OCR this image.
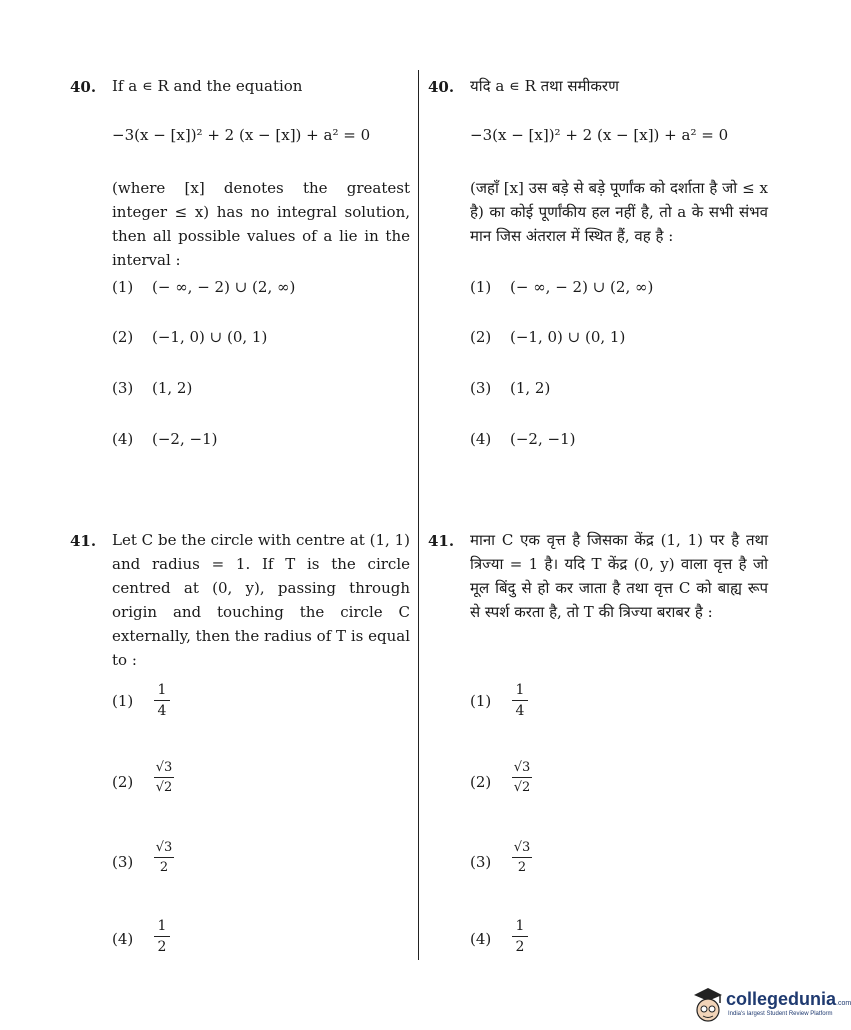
40. If a ∊ R and the equation
−3(x − [x])² + 2 (x − [x]) + a² = 0
(where [x] denotes the greatest integer ≤ x) has no integral solution, then all possible values of a lie in the interval :
(1) (− ∞, − 2) ∪ (2, ∞)
(2) (−1, 0) ∪ (0, 1)
(3) (1, 2)
(4) (−2, −1)
41. Let C be the circle with centre at (1, 1) and radius = 1. If T is the circle centred at (0, y), passing through origin and touching the circle C externally, then the radius of T is equal to :
(1)
1
4
(2)
√3
√2
(3)
√3
2
(4)
1
2
40. यदि a ∊ R तथा समीकरण
−3(x − [x])² + 2 (x − [x]) + a² = 0
(जहाँ [x] उस बड़े से बड़े पूर्णांक को दर्शाता है जो ≤ x है) का कोई पूर्णांकीय हल नहीं है, तो a के सभी संभव मान जिस अंतराल में स्थित हैं, वह है :
(1) (− ∞, − 2) ∪ (2, ∞)
(2) (−1, 0) ∪ (0, 1)
(3) (1, 2)
(4) (−2, −1)
41. माना C एक वृत्त है जिसका केंद्र (1, 1) पर है तथा त्रिज्या = 1 है। यदि T केंद्र (0, y) वाला वृत्त है जो मूल बिंदु से हो कर जाता है तथा वृत्त C को बाह्य रूप से स्पर्श करता है, तो T की त्रिज्या बराबर है :
(1)
1
4
(2)
√3
√2
(3)
√3
2
(4)
1
2
collegedunia.com
India's largest Student Review Platform
